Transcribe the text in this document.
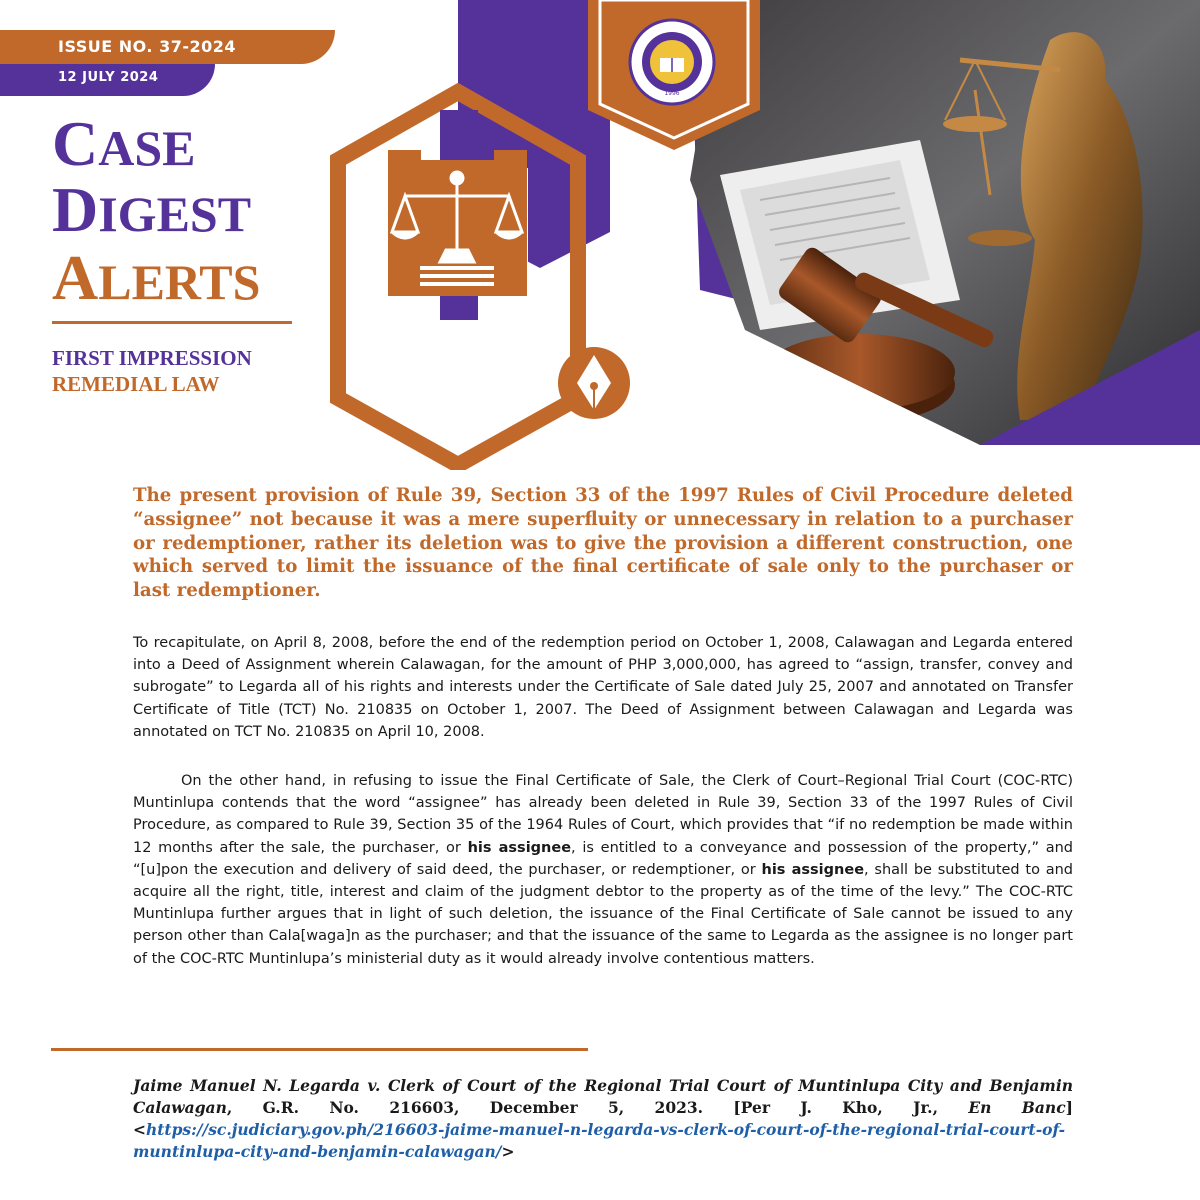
1996
ISSUE NO. 37-2024
12 JULY 2024
CASE
DIGEST
ALERTS
FIRST IMPRESSION
REMEDIAL LAW

The present provision of Rule 39, Section 33 of the 1997 Rules of Civil Procedure deleted “assignee” not because it was a mere superfluity or unnecessary in relation to a purchaser or redemptioner, rather its deletion was to give the provision a different construction, one which served to limit the issuance of the final certificate of sale only to the purchaser or last redemptioner.

To recapitulate, on April 8, 2008, before the end of the redemption period on October 1, 2008, Calawagan and Legarda entered into a Deed of Assignment wherein Calawagan, for the amount of PHP 3,000,000, has agreed to “assign, transfer, convey and subrogate” to Legarda all of his rights and interests under the Certificate of Sale dated July 25, 2007 and annotated on Transfer Certificate of Title (TCT) No. 210835 on October 1, 2007. The Deed of Assignment between Calawagan and Legarda was annotated on TCT No. 210835 on April 10, 2008.

On the other hand, in refusing to issue the Final Certificate of Sale, the Clerk of Court–Regional Trial Court (COC-RTC) Muntinlupa contends that the word “assignee” has already been deleted in Rule 39, Section 33 of the 1997 Rules of Civil Procedure, as compared to Rule 39, Section 35 of the 1964 Rules of Court, which provides that “if no redemption be made within 12 months after the sale, the purchaser, or his assignee, is entitled to a conveyance and possession of the property,” and “[u]pon the execution and delivery of said deed, the purchaser, or redemptioner, or his assignee, shall be substituted to and acquire all the right, title, interest and claim of the judgment debtor to the property as of the time of the levy.” The COC-RTC Muntinlupa further argues that in light of such deletion, the issuance of the Final Certificate of Sale cannot be issued to any person other than Cala[waga]n as the purchaser; and that the issuance of the same to Legarda as the assignee is no longer part of the COC-RTC Muntinlupa’s ministerial duty as it would already involve contentious matters.

Jaime Manuel N. Legarda v. Clerk of Court of the Regional Trial Court of Muntinlupa City and Benjamin Calawagan, G.R. No. 216603, December 5, 2023. [Per J. Kho, Jr., En Banc] <https://sc.judiciary.gov.ph/216603-jaime-manuel-n-legarda-vs-clerk-of-court-of-the-regional-trial-court-of-muntinlupa-city-and-benjamin-calawagan/>
